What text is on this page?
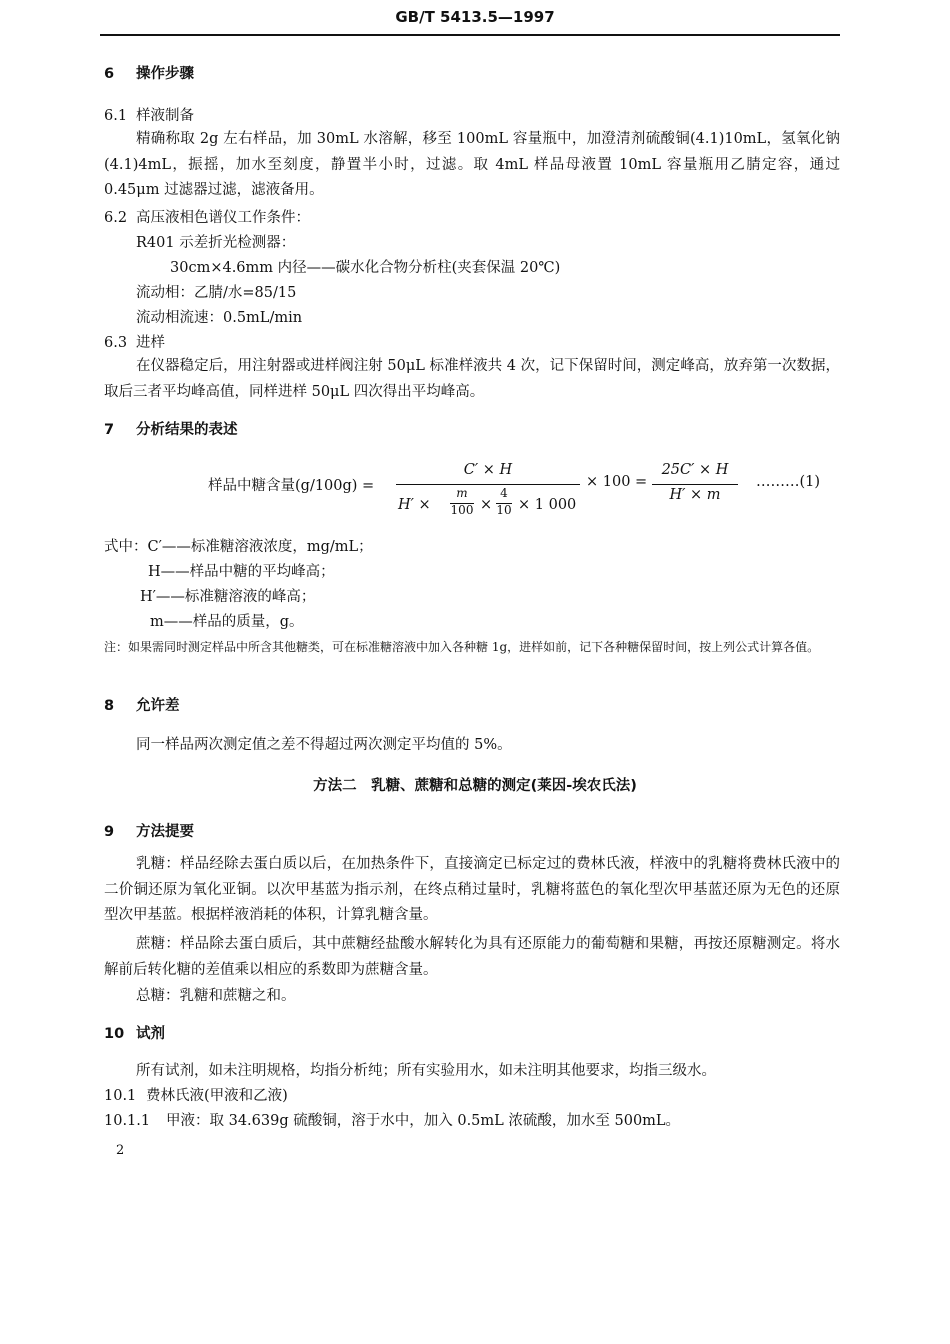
GB/T 5413.5—1997
6 操作步骤
6.1 样液制备
精确称取 2g 左右样品，加 30mL 水溶解，移至 100mL 容量瓶中，加澄清剂硫酸铜(4.1)10mL，氢氧化钠(4.1)4mL，振摇，加水至刻度，静置半小时，过滤。取 4mL 样品母液置 10mL 容量瓶用乙腈定容，通过 0.45μm 过滤器过滤，滤液备用。
6.2 高压液相色谱仪工作条件：
R401 示差折光检测器：
30cm×4.6mm 内径——碳水化合物分析柱(夹套保温 20℃)
流动相：乙腈/水=85/15
流动相流速：0.5mL/min
6.3 进样
在仪器稳定后，用注射器或进样阀注射 50μL 标准样液共 4 次，记下保留时间，测定峰高，放弃第一次数据，取后三者平均峰高值，同样进样 50μL 四次得出平均峰高。
7 分析结果的表述
样品中糖含量(g/100g) =
C′ × H
H′ ×
m
100 ×
4
10 × 1 000
× 100 =
25C′ × H
H′ × m
………(1)
式中：C′——标准糖溶液浓度，mg/mL；
H——样品中糖的平均峰高；
H′——标准糖溶液的峰高；
m——样品的质量，g。
注：如果需同时测定样品中所含其他糖类，可在标准糖溶液中加入各种糖 1g，进样如前，记下各种糖保留时间，按上列公式计算各值。
8 允许差
同一样品两次测定值之差不得超过两次测定平均值的 5%。
方法二　乳糖、蔗糖和总糖的测定(莱因-埃农氏法)
9 方法提要
乳糖：样品经除去蛋白质以后，在加热条件下，直接滴定已标定过的费林氏液，样液中的乳糖将费林氏液中的二价铜还原为氧化亚铜。以次甲基蓝为指示剂，在终点稍过量时，乳糖将蓝色的氧化型次甲基蓝还原为无色的还原型次甲基蓝。根据样液消耗的体积，计算乳糖含量。
蔗糖：样品除去蛋白质后，其中蔗糖经盐酸水解转化为具有还原能力的葡萄糖和果糖，再按还原糖测定。将水解前后转化糖的差值乘以相应的系数即为蔗糖含量。
总糖：乳糖和蔗糖之和。
10 试剂
所有试剂，如未注明规格，均指分析纯；所有实验用水，如未注明其他要求，均指三级水。
10.1 费林氏液(甲液和乙液)
10.1.1 甲液：取 34.639g 硫酸铜，溶于水中，加入 0.5mL 浓硫酸，加水至 500mL。
2
